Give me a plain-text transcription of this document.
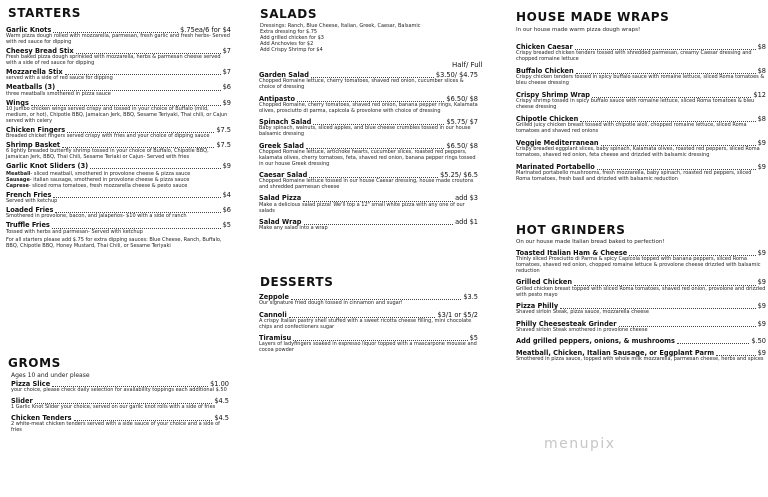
STARTERS
Garlic Knots	$.75ea/6 for $4

Warm pizza dough rolled with mozzarella, parmesan, fresh garlic and fresh herbs- Served with red sauce for dipping

Cheesy Bread Stix	$7

Fresh baked pizza dough sprinkled with mozzarella, herbs & parmesan cheese served with a side of red sauce for dipping

Mozzarella Stix	$7

served with a side of red sauce for dipping

Meatballs (3)	$6

three meatballs smothered in pizza sauce

Wings	$9

10 Jumbo chicken wings served crispy and tossed in your choice of Buffalo (mild, medium, or hot), Chipotle BBQ, Jamaican Jerk, BBQ, Sesame Teriyaki, Thai chili, or Cajun served with celery

Chicken Fingers	$7.5

Breaded chicket fingers served crispy with fries and your choice of dipping sauce

Shrimp Basket	$7.5

6 lightly breaded butterfly shrimp tossed in your choice of Buffalo, Chipotle BBQ, Jamaican Jerk, BBQ, Thai Chili, Sesame Teriaki or Cajun- Served with fries

Garlic Knot Sliders (3)	$9
Meatball- sliced meatball, smothered in provolone cheese & pizza sauce
Sausage- italian sausage, smothered in provolone cheese & pizza sauce
Caprese- sliced roma tomatoes, fresh mozzarella cheese & pesto sauce
French Fries	$4

Served with ketchup

Loaded Fries	$6

Smothered in provolone, bacon, and jalapeños- $10 with a side of ranch

Truffle Fries	$5

Tossed with herbs and parmesan- Served with ketchup

For all starters please add $.75 for extra dipping sauces: Blue Cheese, Ranch, Buffalo, BBQ, Chipotle BBQ, Honey Mustard, Thai Chili, or Sesame Teriyaki

GROMS
Ages 10 and under please
Pizza Slice	$1.00

your choice, please check daily selection for availability toppings each additional $.50

Slider	$4.5

1 Garlic Knot Slider your choice, served on our garlic knot rolls with a side of fries

Chicken Tenders	$4.5

2 white-meat chicken tenders served with a side sauce of your choice and a side of fries

SALADS
Dressings: Ranch, Blue Cheese, Italian, Greek, Caesar, Balsamic
Extra dressing for $.75
Add grilled chicken for $3
Add Anchovies for $2
Add Crispy Shrimp for $4
Half/ Full
Garden Salad	$3.50/ $4.75

Chopped Romaine lettuce, cherry tomatoes, shaved red onion, cucumber slices & choice of dressing

Antipasto	$6.50/ $8

Chopped Romaine, cherry tomatoes, shaved red onion, banana pepper rings, Kalamata olives, prosciutto di parma, capicola & provolone with choice of dressing

Spinach Salad	$5.75/ $7

Baby spinach, walnuts, sliced apples, and blue cheese crumbles tossed in our house balsamic dressing

Greek Salad	$6.50/ $8

Chopped Romaine lettuce, artichoke hearts, cucumber slices, roasted red peppers, kalamata olives, cherry tomatoes, feta, shaved red onion, banana pepper rings tossed in our house Greek dressing

Caesar Salad	$5.25/ $6.5

Chopped Romaine lettuce tossed in our house Caesar dressing, house made croutons and shredded parmesan cheese

Salad Pizza	add $3

Make a delicious salad pizza! We'll top a 12" small white pizza with any one of our salads

Salad Wrap	add $1

Make any salad into a wrap

DESSERTS
Zeppole	$3.5

Our signature fried dough tossed in cinnamon and sugar!

Cannoli	$3/1 or $5/2

A crispy Italian pastry shell stuffed with a sweet ricotta cheese filling, mini chocolate chips and confectioners sugar

Tiramisu	$5

Layers of ladyfingers soaked in espresso liquor topped with a mascarpone mousse and cocoa powder

HOUSE MADE WRAPS
In our house made warm pizza dough wraps!
Chicken Caesar	$8

Crispy breaded chicken tenders tossed with shredded parmesan, creamy Caesar dressing and chopped romaine lettuce

Buffalo Chicken	$8

Crispy chicken tenders tossed in spicy buffalo sauce with romaine lettuce, sliced Roma tomatoes & bleu cheese dressing

Crispy Shrimp Wrap	$12

Crispy shrimp tossed in spicy buffalo sauce with romaine lettuce, sliced Roma tomatoes & bleu cheese dressing

Chipotle Chicken	$8

Grilled juicy chicken breast tossed with chipotle aioli, chopped romaine lettuce, sliced Roma tomatoes and shaved red onions

Veggie Mediterranean	$9

Crispy breaded eggplant slices, baby spinach, Kalamata olives, roasted red peppers, sliced Roma tomatoes, shaved red onion, feta cheese and drizzled with balsamic dressing

Marinated Portabello	$9

Marinated portabello mushrooms, fresh mozzarella, baby spinach, roasted red peppers, sliced Roma tomatoes, fresh basil and drizzled with balsamic reduction

HOT GRINDERS
On our house made Italian bread baked to perfection!
Toasted Italian Ham & Cheese	$9

Thinly sliced Prosciutto di Parma & spicy Capicola topped with banana peppers, sliced Roma tomatoes, shaved red onion, chopped romaine lettuce & provolone cheese drizzled with balsamic reduction

Grilled Chicken	$9

Grilled chicken breast topped with sliced Roma tomatoes, shaved red onion, provolone and drizzled with pesto mayo

Pizza Philly	$9

Shaved sirloin Steak, pizza sauce, mozzarella cheese

Philly Cheesesteak Grinder	$9

Shaved sirloin Steak smothered in provolone cheese

Add grilled peppers, onions, & mushrooms	$.50
Meatball, Chicken, Italian Sausage, or Eggplant Parm	$9

Smothered in pizza sauce, topped with whole milk mozzarella, parmesan cheese, herbs and spices

menupix
